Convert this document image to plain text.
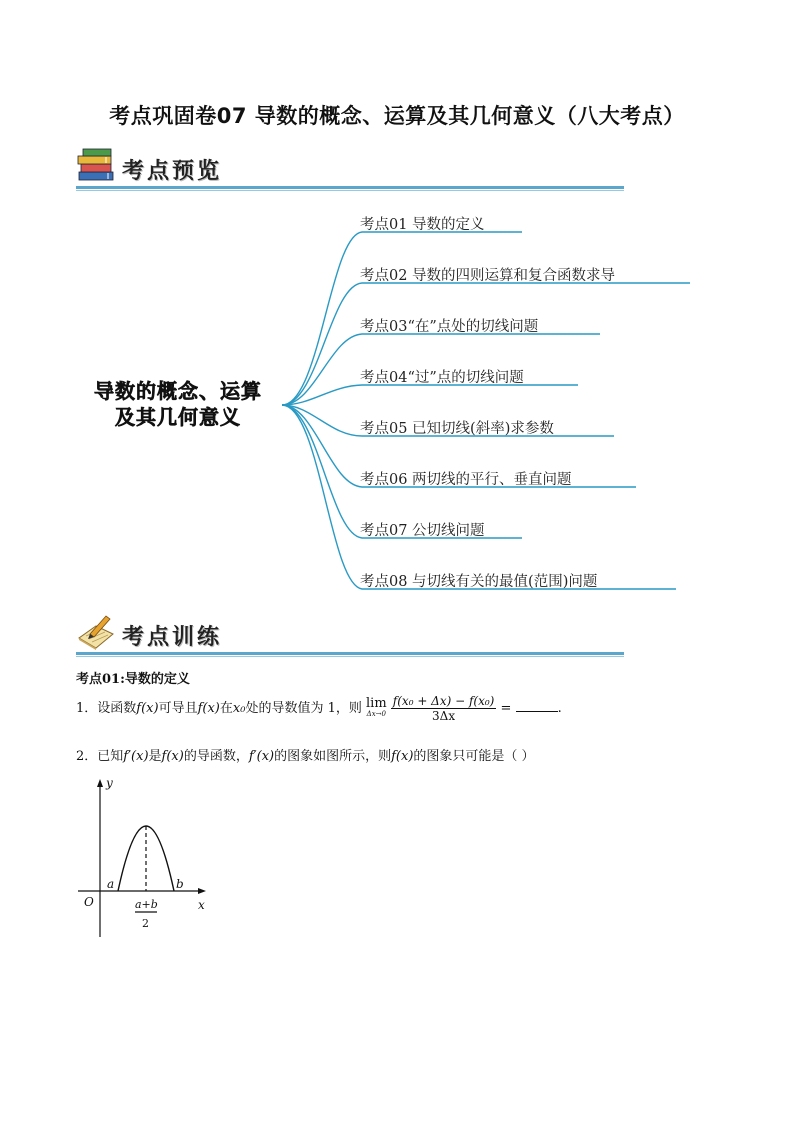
考点巩固卷07 导数的概念、运算及其几何意义（八大考点）
考点预览
导数的概念、运算
及其几何意义
考点01 导数的定义
考点02 导数的四则运算和复合函数求导
考点03“在”点处的切线问题
考点04“过”点的切线问题
考点05 已知切线(斜率)求参数
考点06 两切线的平行、垂直问题
考点07 公切线问题
考点08 与切线有关的最值(范围)问题
考点训练
考点01:导数的定义
1．设函数f(x)可导且f(x)在x₀处的导数值为 1，则 lim
Δx→0
$\frac{\text{f(x₀ + Δx) − f(x₀)}}{3\Delta x}$ =	.
2．已知f′(x)是f(x)的导函数，f′(x)的图象如图所示，则f(x)的图象只可能是（ ）
y
x
O
a	b
a+b
2
